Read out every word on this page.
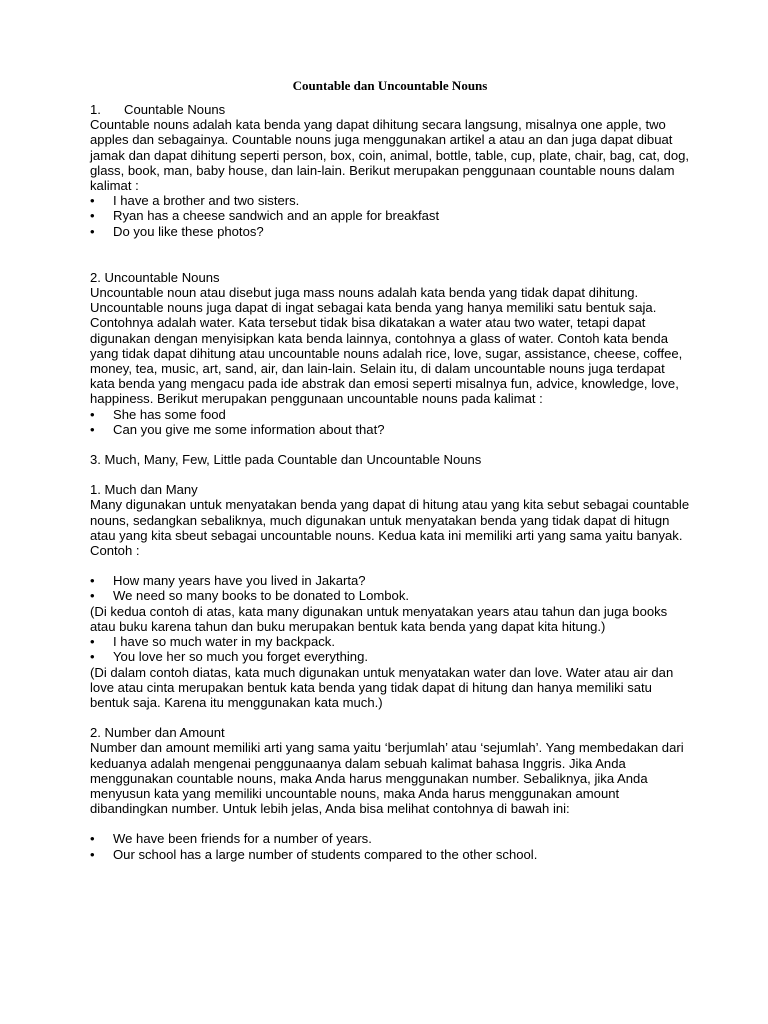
Countable dan Uncountable Nouns
1. Countable Nouns

Countable nouns adalah kata benda yang dapat dihitung secara langsung, misalnya one apple, two apples dan sebagainya. Countable nouns juga menggunakan artikel a atau an dan juga dapat dibuat jamak dan dapat dihitung seperti person, box, coin, animal, bottle, table, cup, plate, chair, bag, cat, dog, glass, book, man, baby house, dan lain-lain. Berikut merupakan penggunaan countable nouns dalam kalimat :

• I have a brother and two sisters.
• Ryan has a cheese sandwich and an apple for breakfast
• Do you like these photos?
2. Uncountable Nouns

Uncountable noun atau disebut juga mass nouns adalah kata benda yang tidak dapat dihitung. Uncountable nouns juga dapat di ingat sebagai kata benda yang hanya memiliki satu bentuk saja. Contohnya adalah water. Kata tersebut tidak bisa dikatakan a water atau two water, tetapi dapat digunakan dengan menyisipkan kata benda lainnya, contohnya a glass of water. Contoh kata benda yang tidak dapat dihitung atau uncountable nouns adalah rice, love, sugar, assistance, cheese, coffee, money, tea, music, art, sand, air, dan lain-lain. Selain itu, di dalam uncountable nouns juga terdapat kata benda yang mengacu pada ide abstrak dan emosi seperti misalnya fun, advice, knowledge, love, happiness. Berikut merupakan penggunaan uncountable nouns pada kalimat :

• She has some food
• Can you give me some information about that?
3. Much, Many, Few, Little pada Countable dan Uncountable Nouns
1. Much dan Many

Many digunakan untuk menyatakan benda yang dapat di hitung atau yang kita sebut sebagai countable nouns, sedangkan sebaliknya, much digunakan untuk menyatakan benda yang tidak dapat di hitugn atau yang kita sbeut sebagai uncountable nouns. Kedua kata ini memiliki arti yang sama yaitu banyak. Contoh :

• How many years have you lived in Jakarta?
• We need so many books to be donated to Lombok.

(Di kedua contoh di atas, kata many digunakan untuk menyatakan years atau tahun dan juga books atau buku karena tahun dan buku merupakan bentuk kata benda yang dapat kita hitung.)

• I have so much water in my backpack.
• You love her so much you forget everything.

(Di dalam contoh diatas, kata much digunakan untuk menyatakan water dan love. Water atau air dan love atau cinta merupakan bentuk kata benda yang tidak dapat di hitung dan hanya memiliki satu bentuk saja. Karena itu menggunakan kata much.)

2. Number dan Amount

Number dan amount memiliki arti yang sama yaitu ‘berjumlah’ atau ‘sejumlah’. Yang membedakan dari keduanya adalah mengenai penggunaanya dalam sebuah kalimat bahasa Inggris. Jika Anda menggunakan countable nouns, maka Anda harus menggunakan number. Sebaliknya, jika Anda menyusun kata yang memiliki uncountable nouns, maka Anda harus menggunakan amount dibandingkan number. Untuk lebih jelas, Anda bisa melihat contohnya di bawah ini:

• We have been friends for a number of years.
• Our school has a large number of students compared to the other school.
